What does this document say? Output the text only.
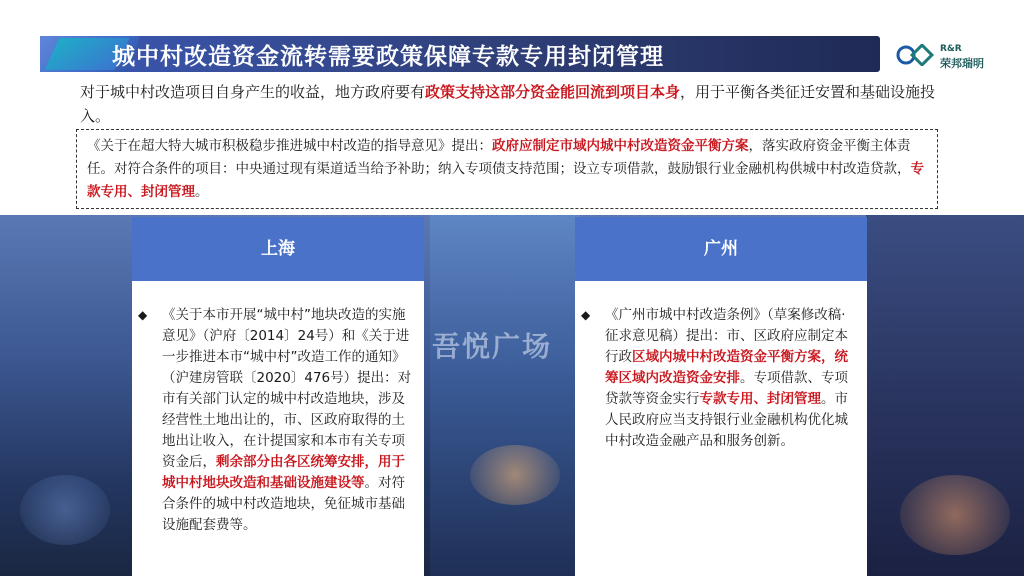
城中村改造资金流转需要政策保障专款专用封闭管理	R&R
荣邦瑞明
对于城中村改造项目自身产生的收益，地方政府要有政策支持这部分资金能回流到项目本身，用于平衡各类征迁安置和基础设施投入。
《关于在超大特大城市积极稳步推进城中村改造的指导意见》提出：政府应制定市域内城中村改造资金平衡方案，落实政府资金平衡主体责任。对符合条件的项目：中央通过现有渠道适当给予补助；纳入专项债支持范围；设立专项借款，鼓励银行业金融机构供城中村改造贷款，专款专用、封闭管理。
吾悦广场
上海
◆ 《关于本市开展“城中村”地块改造的实施意见》（沪府〔2014〕24号）和《关于进一步推进本市“城中村”改造工作的通知》（沪建房管联〔2020〕476号）提出：对市有关部门认定的城中村改造地块，涉及经营性土地出让的，市、区政府取得的土地出让收入，在计提国家和本市有关专项资金后，剩余部分由各区统筹安排，用于城中村地块改造和基础设施建设等。对符合条件的城中村改造地块，免征城市基础设施配套费等。
广州
◆ 《广州市城中村改造条例》（草案修改稿·征求意见稿）提出：市、区政府应制定本行政区域内城中村改造资金平衡方案，统筹区域内改造资金安排。专项借款、专项贷款等资金实行专款专用、封闭管理。市人民政府应当支持银行业金融机构优化城中村改造金融产品和服务创新。
